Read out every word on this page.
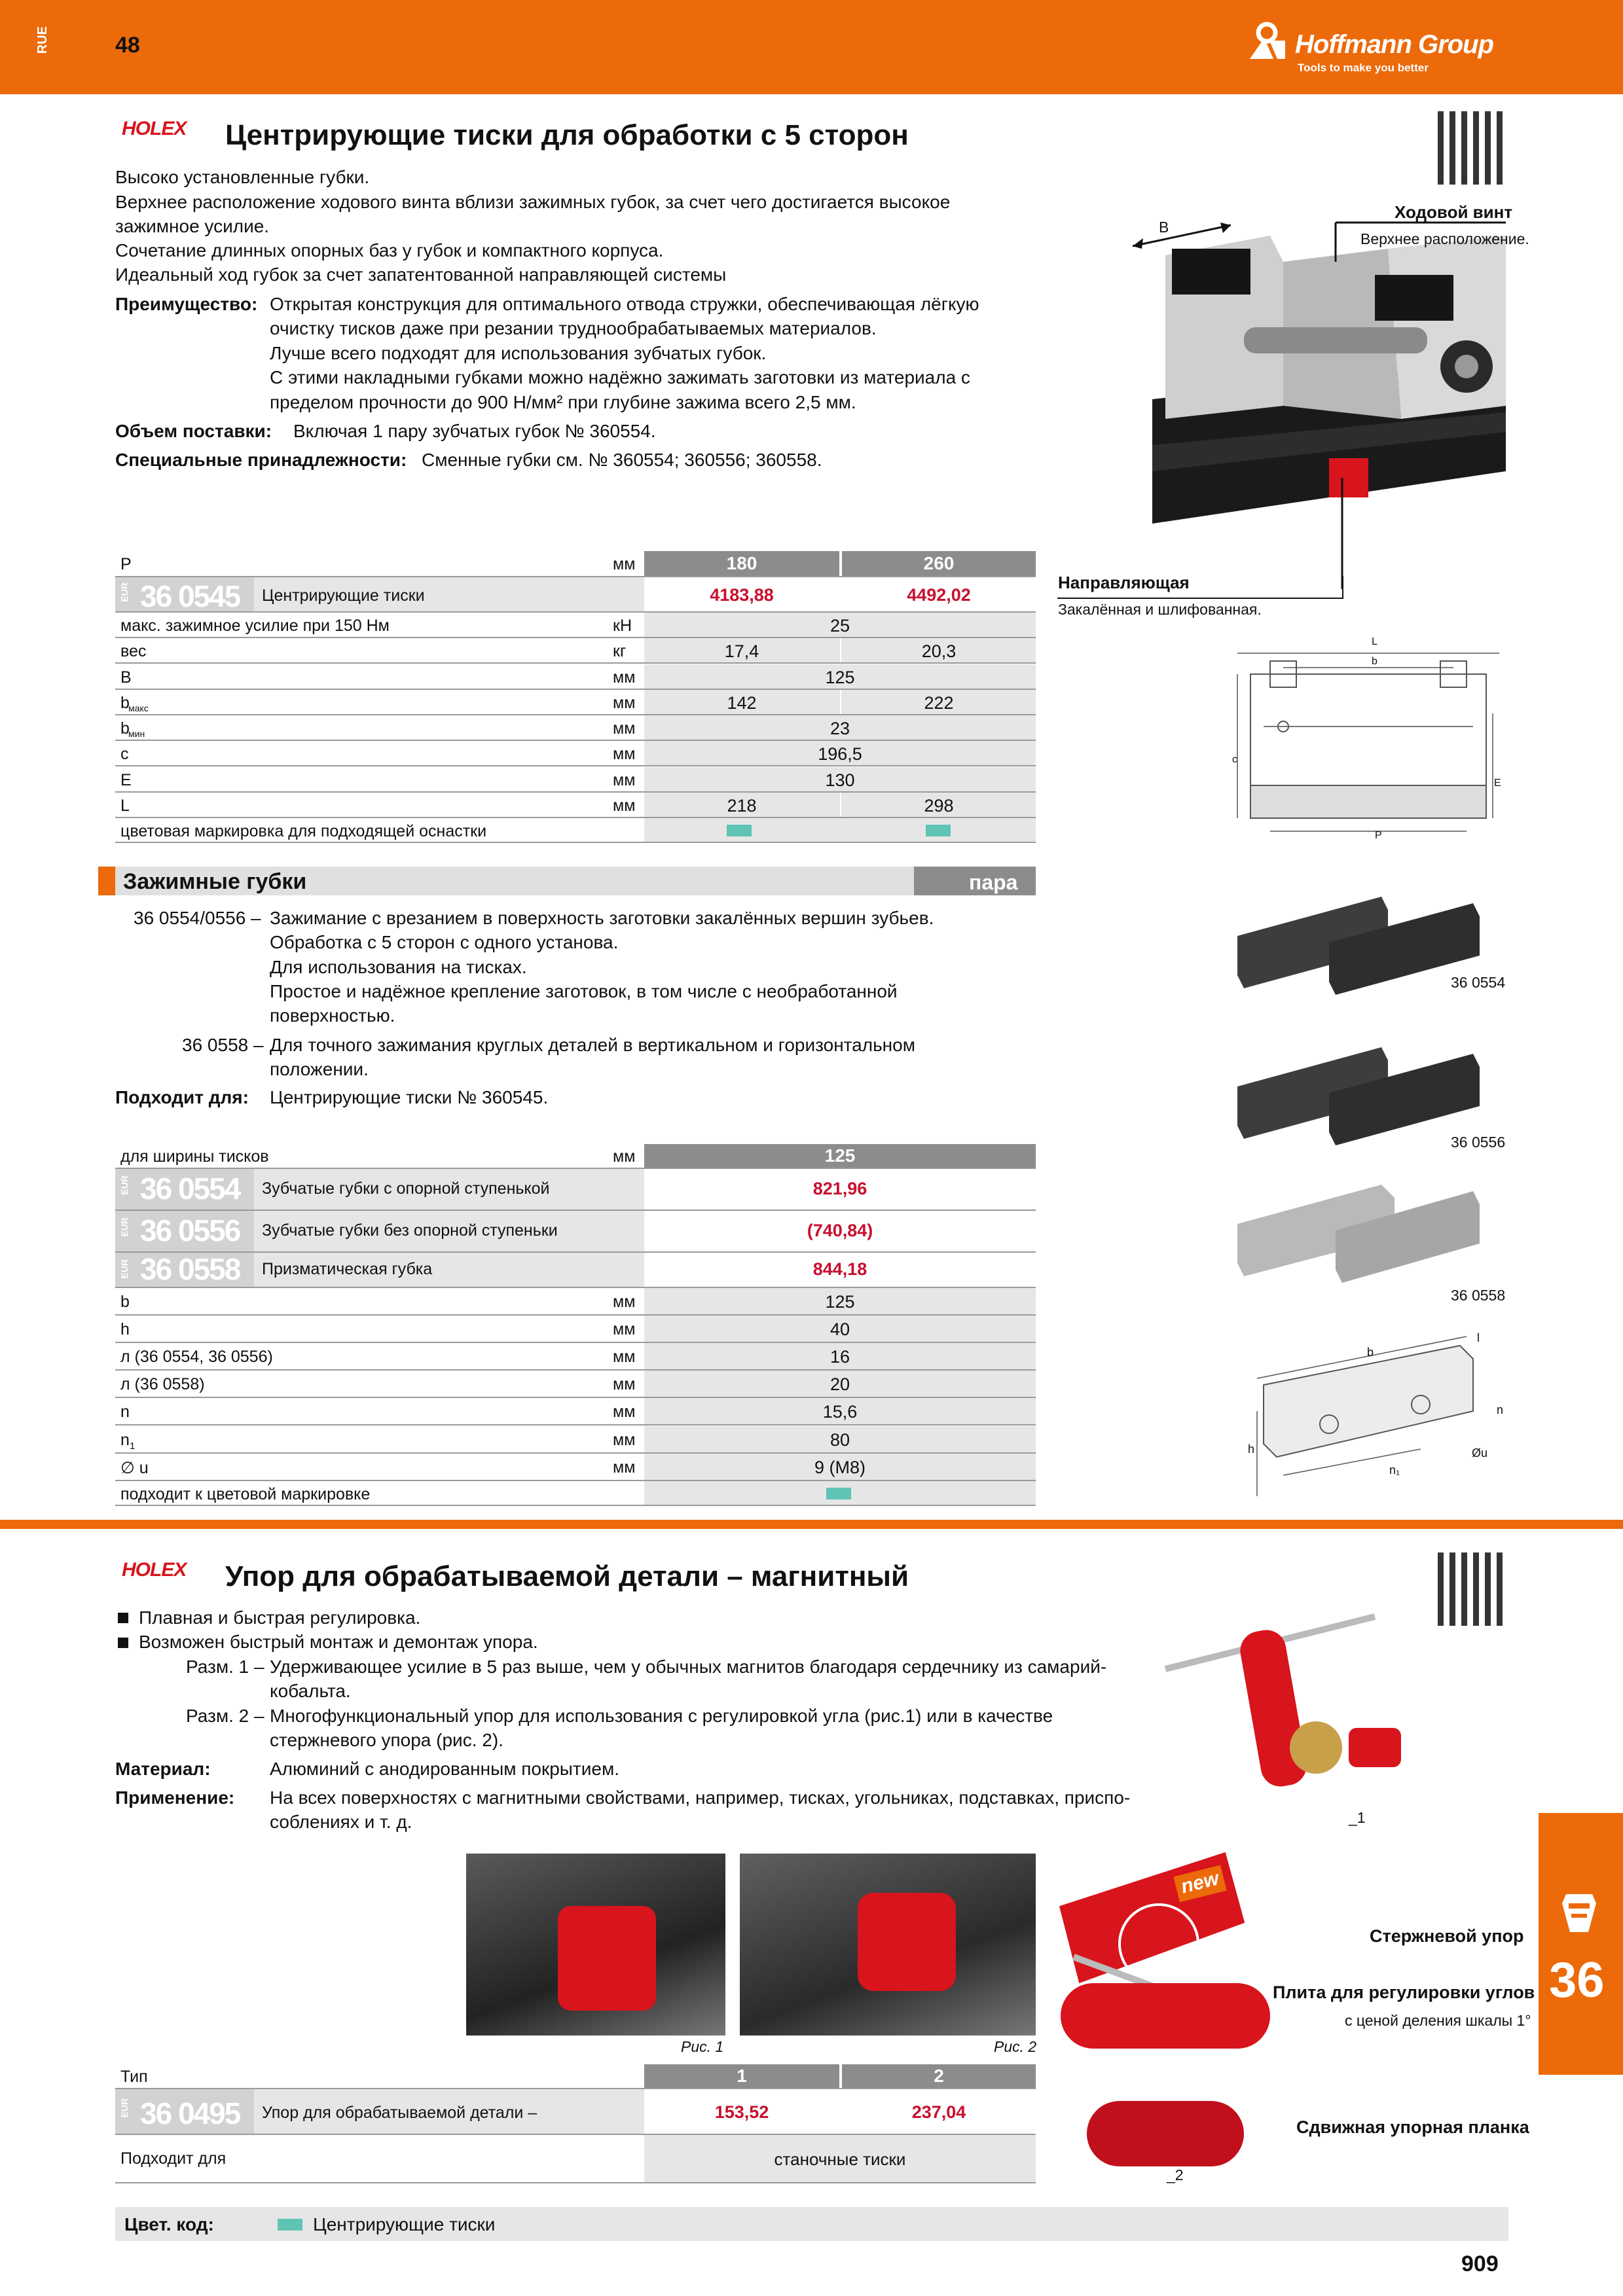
RUE	48	Hoffmann Group
Tools to make you better
HOLEX Центрирующие тиски для обработки с 5 сторон
Высоко установленные губки.
Верхнее расположение ходового винта вблизи зажимных губок, за счет чего достигается высокое
зажимное усилие.
Сочетание длинных опорных баз у губок и компактного корпуса.
Идеальный ход губок за счет запатентованной направляющей системы
Преимущество: Открытая конструкция для оптимального отвода стружки, обеспечивающая лёгкую
очистку тисков даже при резании труднообрабатываемых материалов.
Лучше всего подходят для использования зубчатых губок.
С этими накладными губками можно надёжно зажимать заготовки из материала с
пределом прочности до 900 Н/мм² при глубине зажима всего 2,5 мм.
Объем поставки: Включая 1 пару зубчатых губок № 360554.
Специальные принадлежности: Сменные губки см. № 360554; 360556; 360558.
B
Ходовой винт
Верхнее расположение.
Направляющая
Закалённая и шлифованная.
P	мм	180	260
EUR 36 0545 Центрирующие тиски	4183,88	4492,02
макс. зажимное усилие при 150 Нм	кН	25
вес	кг	17,4	20,3
B	мм	125
b
макс	мм	142	222
b
мин	мм	23
c	мм	196,5
E	мм	130
L	мм	218	298
цветовая маркировка для подходящей оснастки
L
b
c
E
P
Зажимные губки	пара
36 0554/0556 – Зажимание с врезанием в поверхность заготовки закалённых вершин зубьев.
Обработка с 5 сторон с одного установа.
Для использования на тисках.
Простое и надёжное крепление заготовок, в том числе с необработанной
поверхностью.
36 0558 – Для точного зажимания круглых деталей в вертикальном и горизонтальном
положении.
Подходит для: Центрирующие тиски № 360545.
36 0554
36 0556
36 0558
для ширины тисков	мм	125
EUR 36 0554 Зубчатые губки с опорной ступенькой	821,96
EUR 36 0556 Зубчатые губки без опорной ступеньки	(740,84)
EUR 36 0558 Призматическая губка	844,18
b	мм	125
h	мм	40
л (36 0554, 36 0556)	мм	16
л (36 0558)	мм	20
n	мм	15,6
n 1	мм	80
∅ u	мм	9 (M8)
подходит к цветовой маркировке
b
l
n
h
n₁
Øu
HOLEX Упор для обрабатываемой детали – магнитный
Плавная и быстрая регулировка.
Возможен быстрый монтаж и демонтаж упора.
Разм. 1 – Удерживающее усилие в 5 раз выше, чем у обычных магнитов благодаря сердечнику из самарий-
кобальта.
Разм. 2 – Многофункциональный упор для использования с регулировкой угла (рис.1) или в качестве
стержневого упора (рис. 2).
Материал:	Алюминий с анодированным покрытием.
Применение: На всех поверхностях с магнитными свойствами, например, тисках, угольниках, подставках, приспо-
соблениях и т. д.
Рис. 1	Рис. 2
new
_1
_2
Стержневой упор
Плита для регулировки углов
с ценой деления шкалы 1°
Сдвижная упорная планка
Тип	1	2
EUR 36 0495 Упор для обрабатываемой детали –	153,52	237,04
Подходит для	станочные тиски
Цвет. код:	Центрирующие тиски
36
909
